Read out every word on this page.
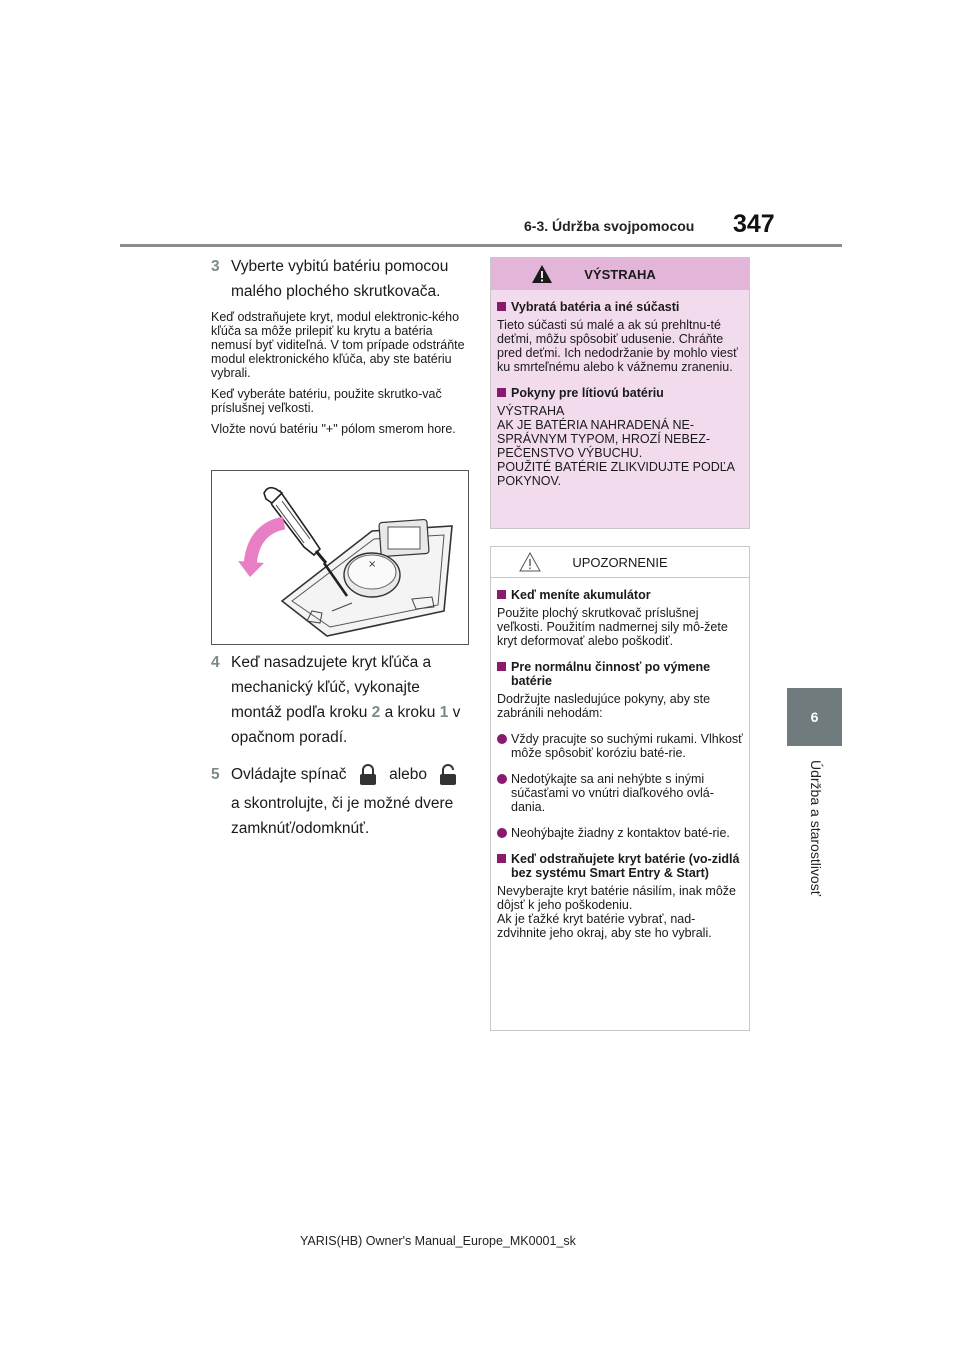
6-3. Údržba svojpomocou 347
6
Údržba a starostlivosť
3 Vyberte vybitú batériu pomocou malého plochého skrutkovača.

Keď odstraňujete kryt, modul elektronic-kého kľúča sa môže prilepiť ku krytu a batéria nemusí byť viditeľná. V tom prípade odstráňte modul elektronického kľúča, aby ste batériu vybrali.

Keď vyberáte batériu, použite skrutko-vač príslušnej veľkosti.

Vložte novú batériu "+" pólom smerom hore.

×
4 Keď nasadzujete kryt kľúča a mechanický kľúč, vykonajte montáž podľa kroku 2 a kroku 1 v opačnom poradí.
5 Ovládajte spínač	alebo
a skontrolujte, či je možné dvere zamknúť/odomknúť.
VÝSTRAHA
Vybratá batéria a iné súčasti
Tieto súčasti sú malé a ak sú prehltnu-té deťmi, môžu spôsobiť udusenie. Chráňte pred deťmi. Ich nedodržanie by mohlo viesť ku smrteľnému alebo k vážnemu zraneniu.
Pokyny pre lítiovú batériu
VÝSTRAHA
AK JE BATÉRIA NAHRADENÁ NE-SPRÁVNYM TYPOM, HROZÍ NEBEZ-PEČENSTVO VÝBUCHU.
POUŽITÉ BATÉRIE ZLIKVIDUJTE PODĽA POKYNOV.
UPOZORNENIE
Keď meníte akumulátor
Použite plochý skrutkovač príslušnej veľkosti. Použitím nadmernej sily mô-žete kryt deformovať alebo poškodiť.
Pre normálnu činnosť po výmene batérie
Dodržujte nasledujúce pokyny, aby ste zabránili nehodám:
Vždy pracujte so suchými rukami. Vlhkosť môže spôsobiť koróziu baté-rie.
Nedotýkajte sa ani nehýbte s inými súčasťami vo vnútri diaľkového ovlá-dania.
Neohýbajte žiadny z kontaktov baté-rie.
Keď odstraňujete kryt batérie (vo-zidlá bez systému Smart Entry & Start)
Nevyberajte kryt batérie násilím, inak môže dôjsť k jeho poškodeniu.
Ak je ťažké kryt batérie vybrať, nad-zdvihnite jeho okraj, aby ste ho vybrali.
YARIS(HB) Owner's Manual_Europe_MK0001_sk
